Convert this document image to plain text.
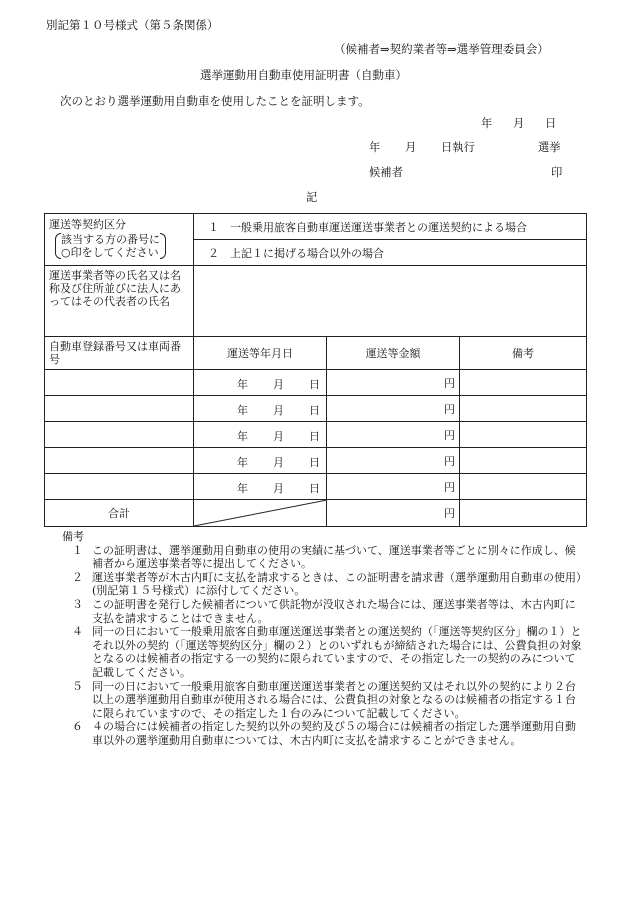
別記第１０号様式（第５条関係）
（候補者⇒契約業者等⇒選挙管理委員会）
選挙運動用自動車使用証明書（自動車）
次のとおり選挙運動用自動車を使用したことを証明します。
年 月 日
年 月 日執行	選挙
候補者	印
記
運送等契約区分
該当する方の番号に
○印をしてください	１　一般乗用旅客自動車運送運送事業者との運送契約による場合		
	２　上記１に掲げる場合以外の場合		
運送事業者等の氏名又は名称及び住所並びに法人にあってはその代表者の氏名			
自動車登録番号又は車両番号	運送等年月日	運送等金額	備考

	年 月 日	円	

	年 月 日	円	

	年 月 日	円	

	年 月 日	円	

	年 月 日	円	
合計		円	
備考
１ この証明書は、選挙運動用自動車の使用の実績に基づいて、運送事業者等ごとに別々に作成し、候補者から運送事業者等に提出してください。
２ 運送事業者等が木古内町に支払を請求するときは、この証明書を請求書（選挙運動用自動車の使用）(別記第１５号様式）に添付してください。
３ この証明書を発行した候補者について供託物が没収された場合には、運送事業者等は、木古内町に支払を請求することはできません。
４ 同一の日において一般乗用旅客自動車運送運送事業者との運送契約（「運送等契約区分」欄の１）とそれ以外の契約（「運送等契約区分」欄の２）とのいずれもが締結された場合には、公費負担の対象となるのは候補者の指定する一の契約に限られていますので、その指定した一の契約のみについて記載してください。
５ 同一の日において一般乗用旅客自動車運送運送事業者との運送契約又はそれ以外の契約により２台以上の選挙運動用自動車が使用される場合には、公費負担の対象となるのは候補者の指定する１台に限られていますので、その指定した１台のみについて記載してください。
６ ４の場合には候補者の指定した契約以外の契約及び５の場合には候補者の指定した選挙運動用自動車以外の選挙運動用自動車については、木古内町に支払を請求することができません。
